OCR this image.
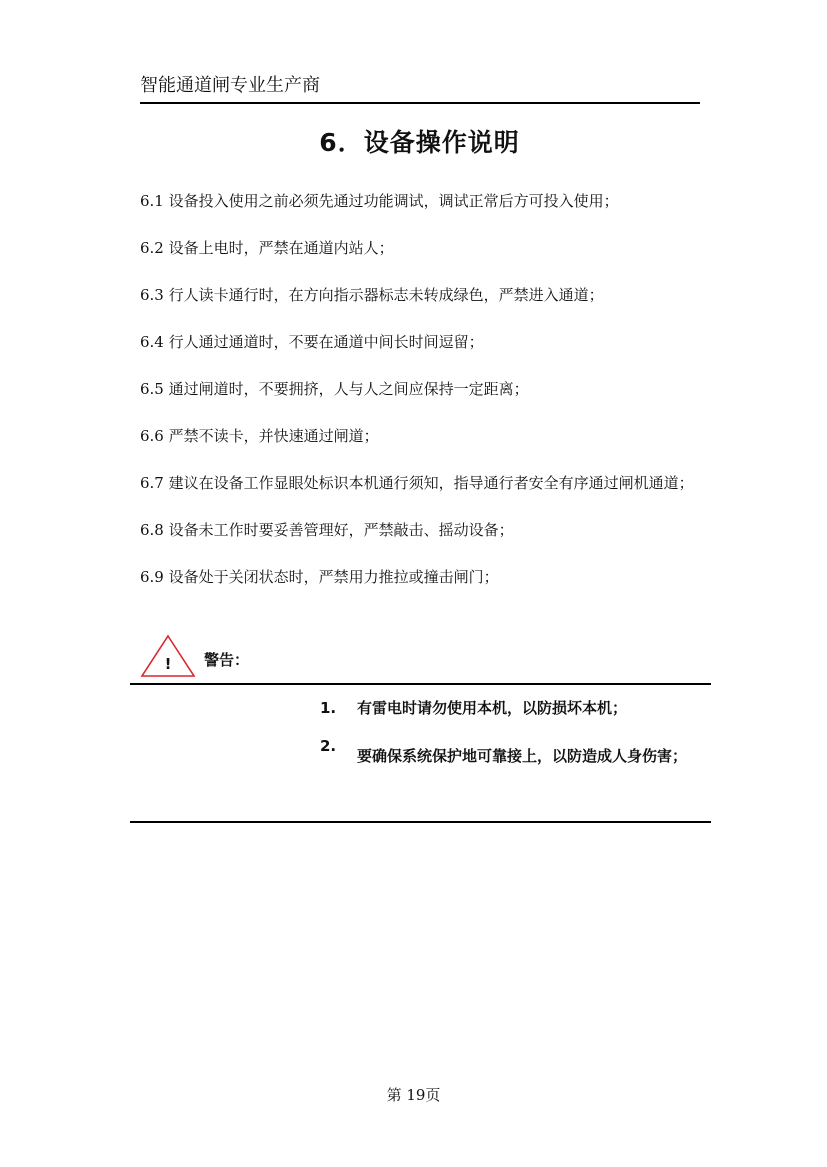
智能通道闸专业生产商
6．设备操作说明

6.1 设备投入使用之前必须先通过功能调试，调试正常后方可投入使用；

6.2 设备上电时，严禁在通道内站人；

6.3 行人读卡通行时，在方向指示器标志未转成绿色，严禁进入通道；

6.4 行人通过通道时，不要在通道中间长时间逗留；

6.5 通过闸道时，不要拥挤，人与人之间应保持一定距离；

6.6 严禁不读卡，并快速通过闸道；

6.7 建议在设备工作显眼处标识本机通行须知，指导通行者安全有序通过闸机通道；

6.8 设备未工作时要妥善管理好，严禁敲击、摇动设备；

6.9 设备处于关闭状态时，严禁用力推拉或撞击闸门；

! 警告：
1. 有雷电时请勿使用本机，以防损坏本机；
2.
要确保系统保护地可靠接上，以防造成人身伤害；
第 19页
